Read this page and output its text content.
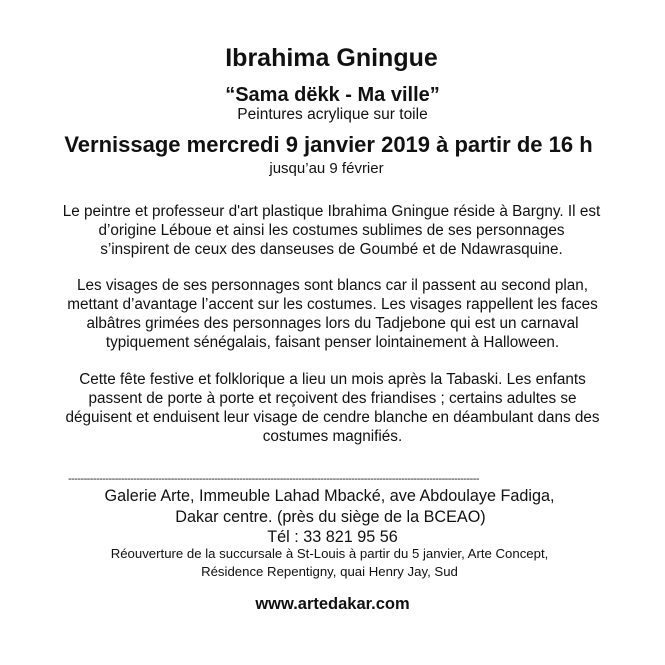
Ibrahima Gningue
“Sama dëkk - Ma ville”
Peintures acrylique sur toile
Vernissage mercredi 9 janvier 2019 à partir de 16 h
jusqu’au 9 février
Le peintre et professeur d'art plastique Ibrahima Gningue réside à Bargny. Il est
d’origine Léboue et ainsi les costumes sublimes de ses personnages
s’inspirent de ceux des danseuses de Goumbé et de Ndawrasquine.
Les visages de ses personnages sont blancs car il passent au second plan,
mettant d’avantage l’accent sur les costumes. Les visages rappellent les faces
albâtres grimées des personnages lors du Tadjebone qui est un carnaval
typiquement sénégalais, faisant penser lointainement à Halloween.
Cette fête festive et folklorique a lieu un mois après la Tabaski. Les enfants
passent de porte à porte et reçoivent des friandises ; certains adultes se
déguisent et enduisent leur visage de cendre blanche en déambulant dans des
costumes magnifiés.
------------------------------------------------------------------------------------------------------------------------------------
Galerie Arte, Immeuble Lahad Mbacké, ave Abdoulaye Fadiga,
Dakar centre. (près du siège de la BCEAO)
Tél : 33 821 95 56
Réouverture de la succursale à St-Louis à partir du 5 janvier, Arte Concept,
Résidence Repentigny, quai Henry Jay, Sud
www.artedakar.com
